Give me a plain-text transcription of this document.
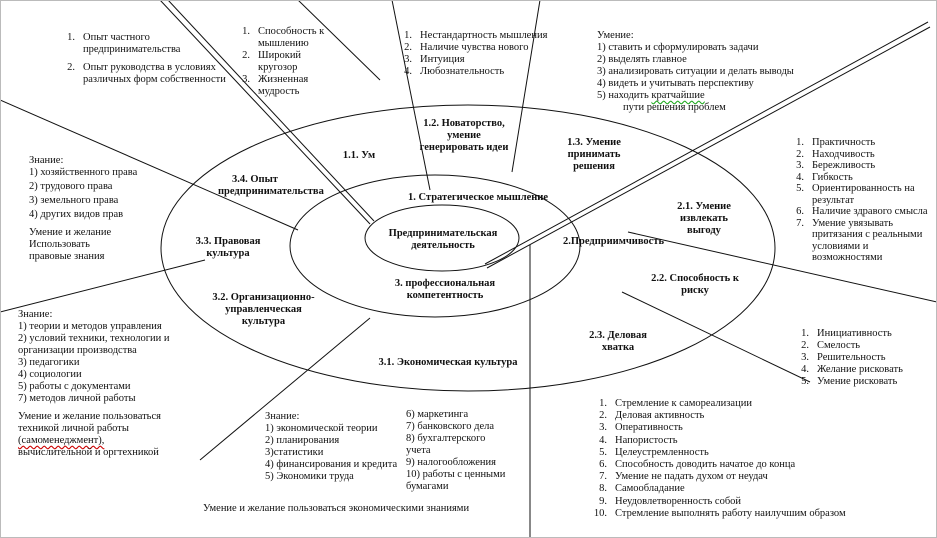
Предпринимательская деятельность
1. Стратегическое мышление
3. профессиональная компетентность
2.Предприимчивость
1.1. Ум
1.2. Новаторство, умение генерировать идеи	1.3. Умение принимать решения
2.1. Умение извлекать выгоду
2.2. Способность к риску
2.3. Деловая хватка
3.1. Экономическая культура
3.2. Организационно-управленческая культура
3.3. Правовая культура
3.4. Опыт предпринимательства
1. Опыт частного предпринимательства
2. Опыт руководства в условиях различных форм собственности
1. Способность к мышлению
2. Широкий кругозор
3. Жизненная мудрость
1. Нестандартность мышления
2. Наличие чувства нового
3. Интуиция
4. Любознательность
Умение:
1) ставить и сформулировать задачи
2) выделять главное
3) анализировать ситуации и делать выводы
4) видеть и учитывать перспективу
5) находить кратчайшие
пути решения проблем
1. Практичность
2. Находчивость
3. Бережливость
4. Гибкость
5. Ориентированность на результат
6. Наличие здравого смысла
7. Умение увязывать притязания с реальными условиями и возможностями
Знание:
1) хозяйственного права
2) трудового права
3) земельного права
4) других видов прав
Умение и желание Использовать правовые знания
Знание:
1) теории и методов управления
2) условий техники, технологии и организации производства
3) педагогики
4) социологии
5) работы с документами
7) методов личной работы
Умение и желание пользоваться
техникой личной работы
(самоменеджмент),
вычислительной и оргтехникой
Знание:
1) экономической теории
2) планирования
3)статистики
4) финансирования и кредита
5) Экономики труда
6) маркетинга
7) банковского дела
8) бухгалтерского учета
9) налогообложения
10) работы с ценными бумагами
Умение и желание пользоваться экономическими знаниями
1. Инициативность
2. Смелость
3. Решительность
4. Желание рисковать
5. Умение рисковать
1. Стремление к самореализации
2. Деловая активность
3. Оперативность
4. Напористость
5. Целеустремленность
6. Способность доводить начатое до конца
7. Умение не падать духом от неудач
8. Самообладание
9. Неудовлетворенность собой
10. Стремление выполнять работу наилучшим образом
